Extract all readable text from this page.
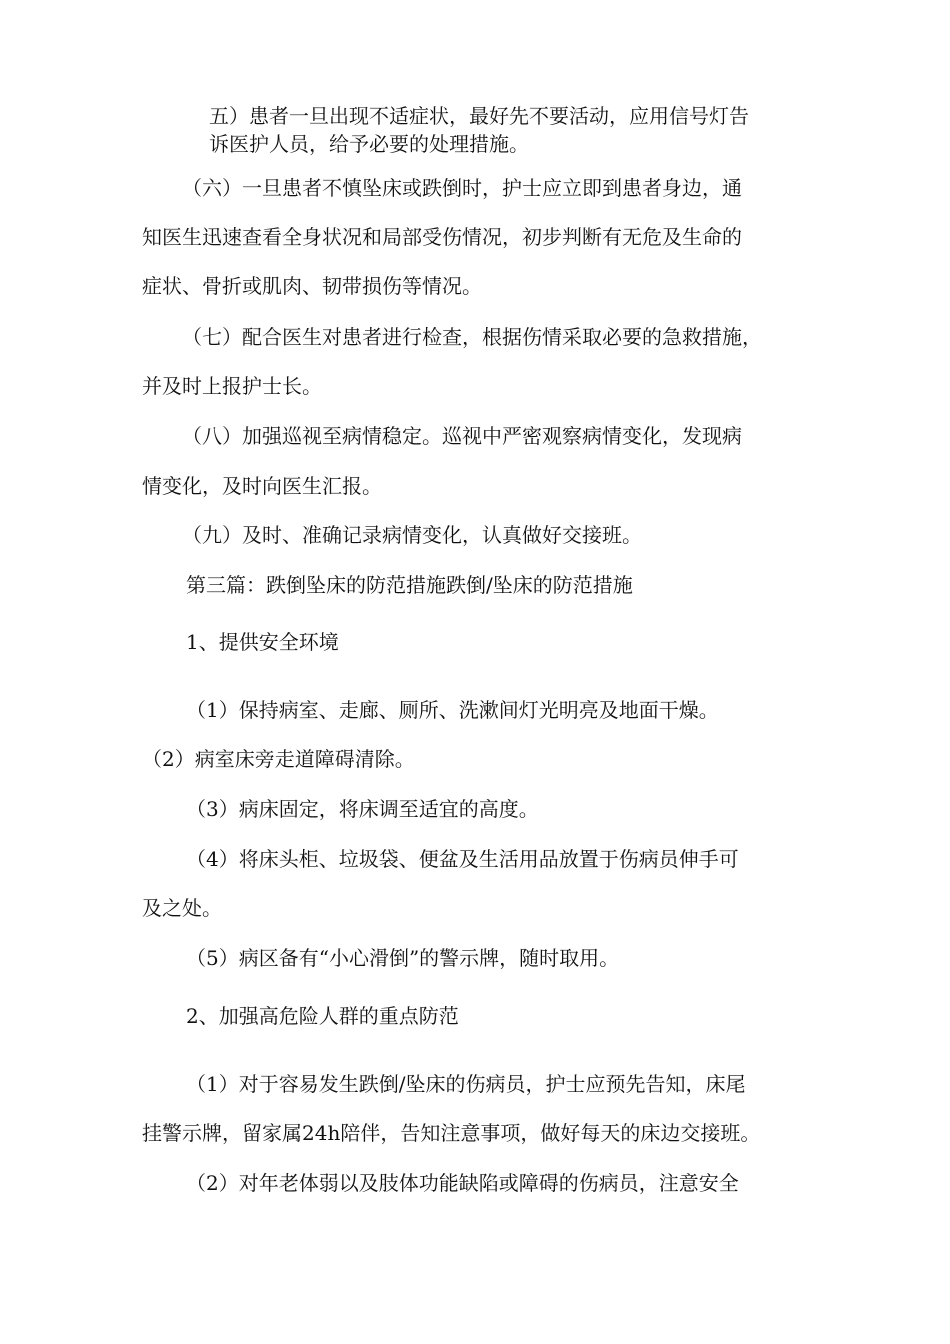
五）患者一旦出现不适症状，最好先不要活动，应用信号灯告
诉医护人员，给予必要的处理措施。
（六）一旦患者不慎坠床或跌倒时，护士应立即到患者身边，通
知医生迅速查看全身状况和局部受伤情况，初步判断有无危及生命的
症状、骨折或肌肉、韧带损伤等情况。
（七）配合医生对患者进行检查，根据伤情采取必要的急救措施，
并及时上报护士长。
（八）加强巡视至病情稳定。巡视中严密观察病情变化，发现病
情变化，及时向医生汇报。
（九）及时、准确记录病情变化，认真做好交接班。
第三篇：跌倒坠床的防范措施跌倒/坠床的防范措施
1、提供安全环境
（1）保持病室、走廊、厕所、洗漱间灯光明亮及地面干燥。
（2）病室床旁走道障碍清除。
（3）病床固定，将床调至适宜的高度。
（4）将床头柜、垃圾袋、便盆及生活用品放置于伤病员伸手可
及之处。
（5）病区备有“小心滑倒”的警示牌，随时取用。
2、加强高危险人群的重点防范
（1）对于容易发生跌倒/坠床的伤病员，护士应预先告知，床尾
挂警示牌，留家属24h陪伴，告知注意事项，做好每天的床边交接班。
（2）对年老体弱以及肢体功能缺陷或障碍的伤病员，注意安全
